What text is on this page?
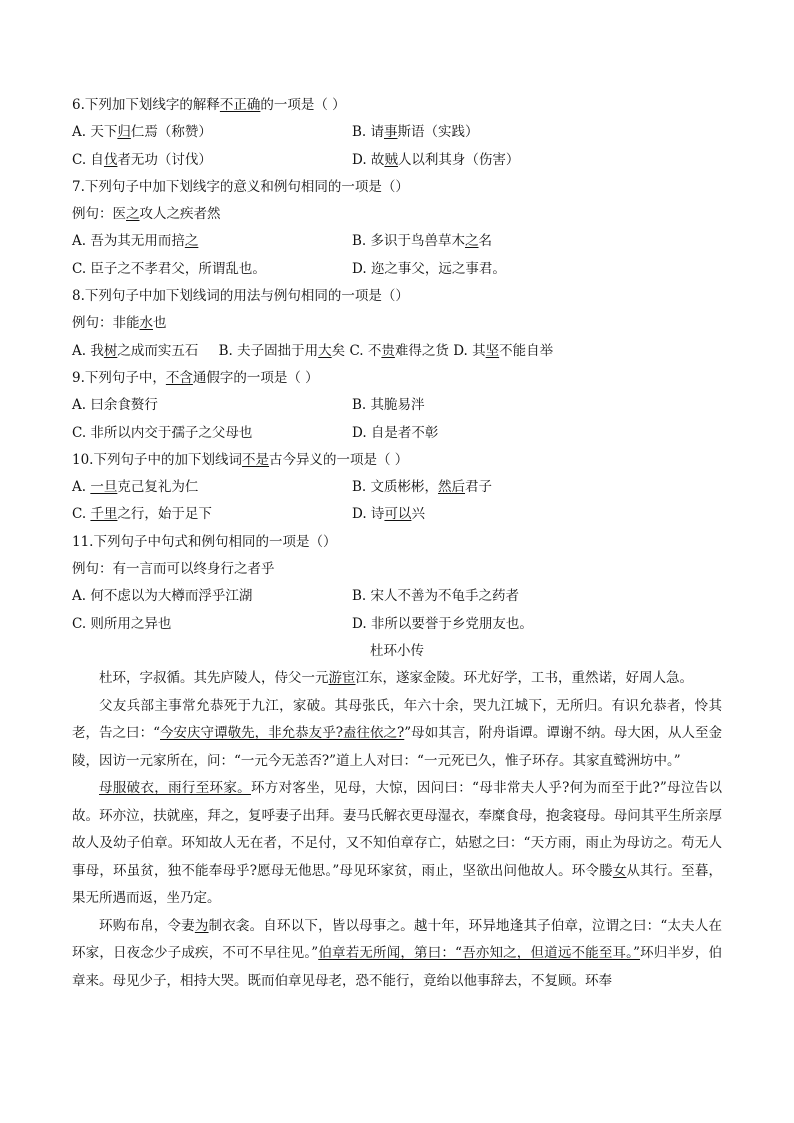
6.下列加下划线字的解释不正确的一项是（ ）
A. 天下归仁焉（称赞）	B. 请事斯语（实践）
C. 自伐者无功（讨伐）	D. 故贼人以利其身（伤害）
7.下列句子中加下划线字的意义和例句相同的一项是（）
例句：医之攻人之疾者然
A. 吾为其无用而掊之	B. 多识于鸟兽草木之名
C. 臣子之不孝君父，所谓乱也。	D. 迩之事父，远之事君。
8.下列句子中加下划线词的用法与例句相同的一项是（）
例句：非能水也
A. 我树之成而实五石 B. 夫子固拙于用大矣 C. 不贵难得之货 D. 其坚不能自举
9.下列句子中，不含通假字的一项是（ ）
A. 曰余食赘行	B. 其脆易泮
C. 非所以内交于孺子之父母也	D. 自是者不彰
10.下列句子中的加下划线词不是古今异义的一项是（ ）
A. 一旦克己复礼为仁	B. 文质彬彬，然后君子
C. 千里之行，始于足下	D. 诗可以兴
11.下列句子中句式和例句相同的一项是（）
例句：有一言而可以终身行之者乎
A. 何不虑以为大樽而浮乎江湖	B. 宋人不善为不龟手之药者
C. 则所用之异也	D. 非所以要誉于乡党朋友也。
杜环小传

杜环，字叔循。其先庐陵人，侍父一元游宦江东，遂家金陵。环尤好学，工书，重然诺，好周人急。

父友兵部主事常允恭死于九江，家破。其母张氏，年六十余，哭九江城下，无所归。有识允恭者，怜其老，告之曰：“今安庆守谭敬先，非允恭友乎?盍往依之?”母如其言，附舟诣谭。谭谢不纳。母大困，从人至金陵，因访一元家所在，问：“一元今无恙否?”道上人对曰：“一元死已久，惟子环存。其家直鹫洲坊中。”

母服破衣，雨行至环家。环方对客坐，见母，大惊，因问曰：“母非常夫人乎?何为而至于此?”母泣告以故。环亦泣，扶就座，拜之，复呼妻子出拜。妻马氏解衣更母湿衣，奉糜食母，抱衾寝母。母问其平生所亲厚故人及幼子伯章。环知故人无在者，不足付，又不知伯章存亡，姑慰之曰：“天方雨，雨止为母访之。苟无人事母，环虽贫，独不能奉母乎?愿母无他思。”母见环家贫，雨止，坚欲出问他故人。环令媵女从其行。至暮，果无所遇而返，坐乃定。

环购布帛，令妻为制衣衾。自环以下，皆以母事之。越十年，环异地逢其子伯章，泣谓之曰：“太夫人在环家，日夜念少子成疾，不可不早往见。”伯章若无所闻，第曰：“吾亦知之，但道远不能至耳。”环归半岁，伯章来。母见少子，相持大哭。既而伯章见母老，恐不能行，竟绐以他事辞去，不复顾。环奉
